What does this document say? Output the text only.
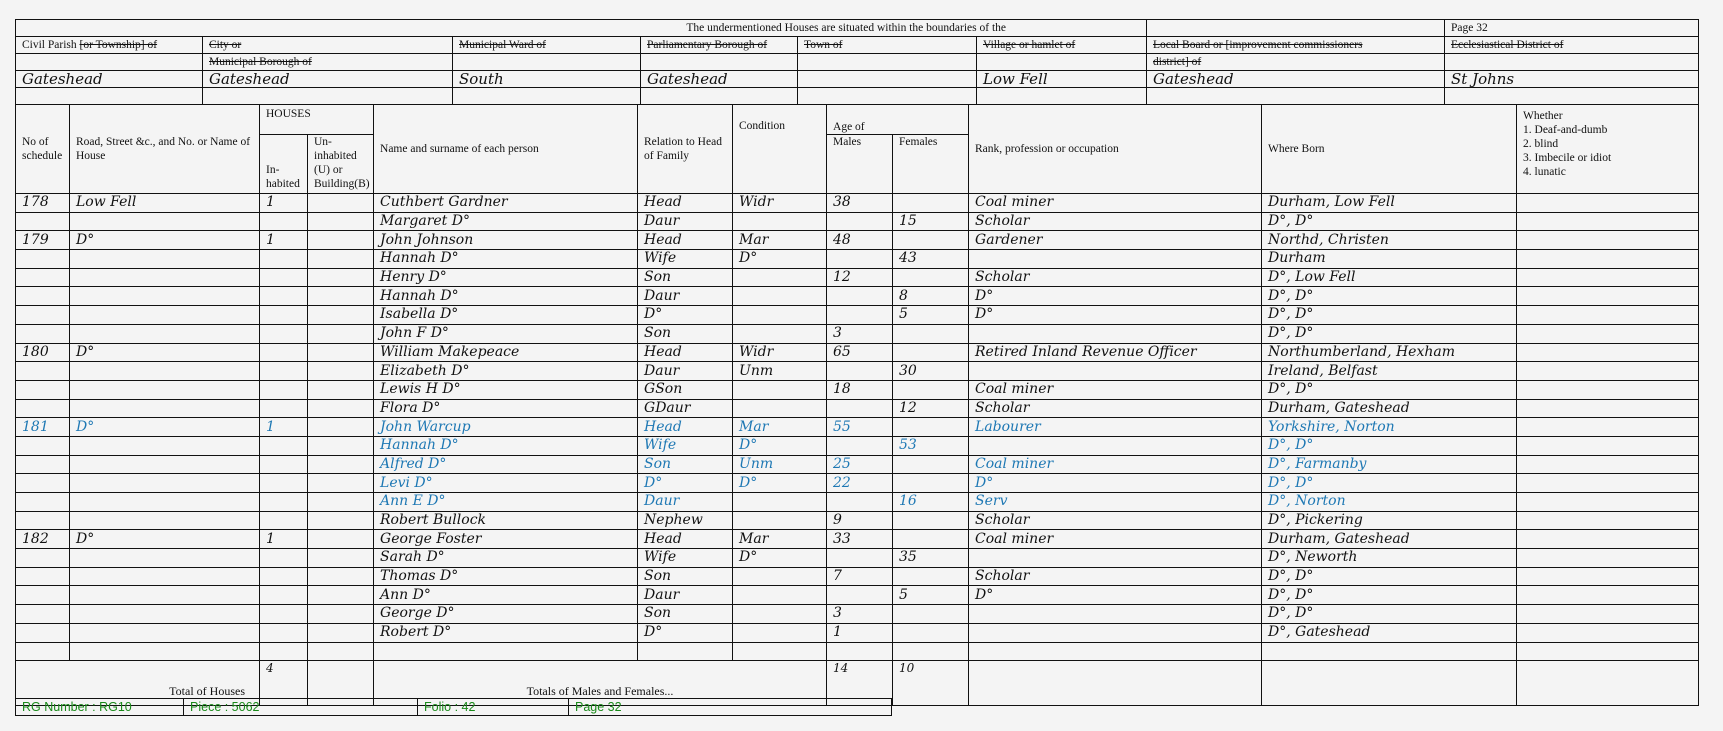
The undermentioned Houses are situated within the boundaries of the							Page 32
Civil Parish [or Township] of	City or	Municipal Ward of	Parliamentary Borough of	Town of	Village or hamlet of	Local Board or [improvement commissioners	Ecclesiastical District of
	Municipal Borough of					district] of	
Gateshead	Gateshead	South	Gateshead		Low Fell	Gateshead	St Johns

No of schedule	Road, Street &c., and No. or Name of House	HOUSES		Name and surname of each person	Relation to Head of Family	Condition	Age of		Rank, profession or occupation	Where Born	Whether
1. Deaf-and-dumb
2. blind
3. Imbecile or idiot
4. lunatic

		In-habited	Un-inhabited (U) or Building(B)				Males	Females			
178	Low Fell	1		Cuthbert Gardner	Head	Widr	38		Coal miner	Durham, Low Fell	
				Margaret D°	Daur			15	Scholar	D°, D°	
179	D°	1		John Johnson	Head	Mar	48		Gardener	Northd, Christen	
				Hannah D°	Wife	D°		43		Durham	
				Henry D°	Son		12		Scholar	D°, Low Fell	
				Hannah D°	Daur			8	D°	D°, D°	
				Isabella D°	D°			5	D°	D°, D°	
				John F D°	Son		3			D°, D°	
180	D°			William Makepeace	Head	Widr	65		Retired Inland Revenue Officer	Northumberland, Hexham	
				Elizabeth D°	Daur	Unm		30		Ireland, Belfast	
				Lewis H D°	GSon		18		Coal miner	D°, D°	
				Flora D°	GDaur			12	Scholar	Durham, Gateshead	
181	D°	1		John Warcup	Head	Mar	55		Labourer	Yorkshire, Norton	
				Hannah D°	Wife	D°		53		D°, D°	
				Alfred D°	Son	Unm	25		Coal miner	D°, Farmanby	
				Levi D°	D°	D°	22		D°	D°, D°	
				Ann E D°	Daur			16	Serv	D°, Norton	
				Robert Bullock	Nephew		9		Scholar	D°, Pickering	
182	D°	1		George Foster	Head	Mar	33		Coal miner	Durham, Gateshead	
				Sarah D°	Wife	D°		35		D°, Neworth	
				Thomas D°	Son		7		Scholar	D°, D°	
				Ann D°	Daur			5	D°	D°, D°	
				George D°	Son		3			D°, D°	
				Robert D°	D°		1			D°, Gateshead	

Total of Houses		4		Totals of Males and Females...			14	10			
RG Number : RG10	Piece : 5062	Folio : 42	Page 32
